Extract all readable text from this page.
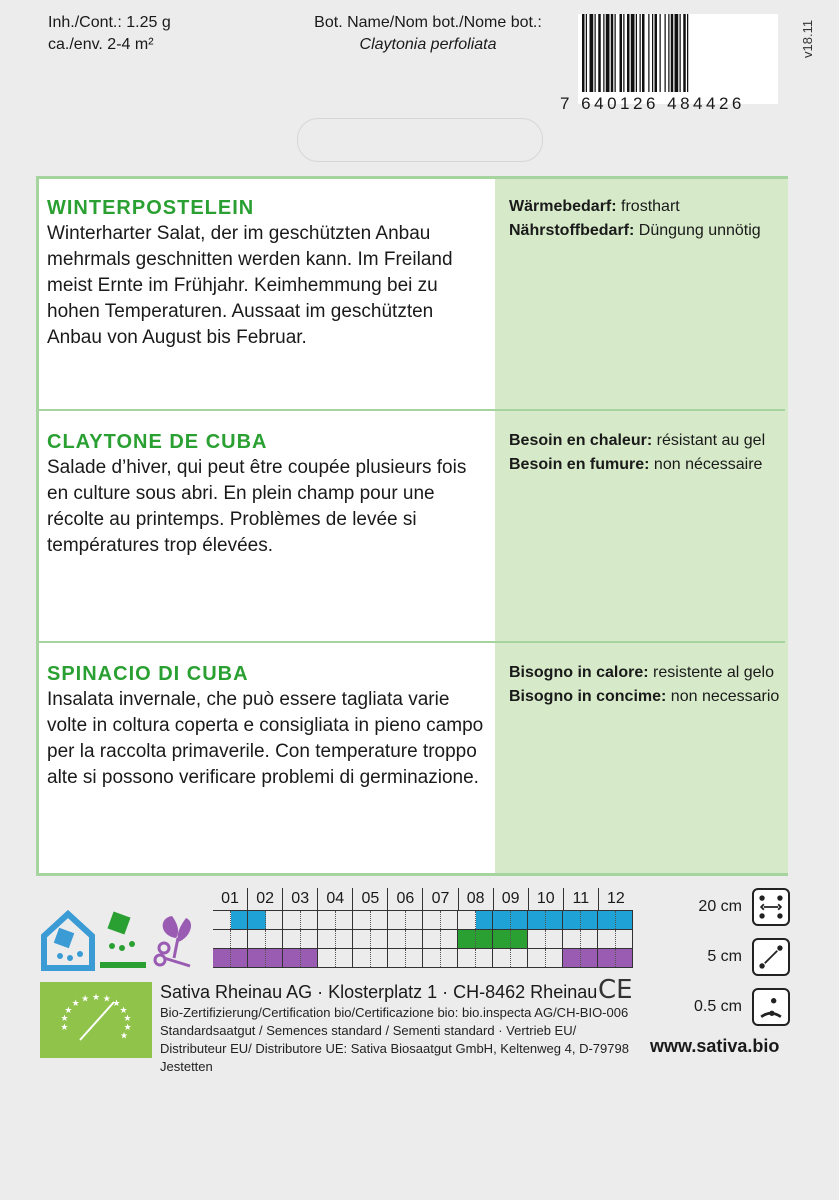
Inh./Cont.: 1.25 g
ca./env. 2-4 m²
Bot. Name/Nom bot./Nome bot.:
Claytonia perfoliata
7 640126 484426
v18.11
WINTERPOSTELEIN
Winterharter Salat, der im geschützten Anbau mehrmals geschnitten werden kann. Im Freiland meist Ernte im Frühjahr. Keimhemmung bei zu hohen Temperaturen. Aussaat im geschützten Anbau von August bis Februar.
Wärmebedarf: frosthart
Nährstoffbedarf: Düngung unnötig
CLAYTONE DE CUBA
Salade d’hiver, qui peut être coupée plusieurs fois en culture sous abri. En plein champ pour une récolte au printemps. Problèmes de levée si températures trop élevées.
Besoin en chaleur: résistant au gel
Besoin en fumure: non nécessaire
SPINACIO DI CUBA
Insalata invernale, che può essere tagliata varie volte in coltura coperta e consigliata in pieno campo per la raccolta primaverile. Con temperature troppo alte si possono verificare problemi di germinazione.
Bisogno in calore: resistente al gelo
Bisogno in concime: non necessario
01	02	03	04	05	06	07	08	09	10	11	12	20 cm
5 cm
0.5 cm
★
★
★
★ ★ ★ ★ ★
★
★
★
★
Sativa Rheinau AG · Klosterplatz 1 · CH-8462 Rheinau
Bio-Zertifizierung/Certification bio/Certificazione bio: bio.inspecta AG/CH-BIO-006
Standardsaatgut / Semences standard / Sementi standard · Vertrieb EU/ Distributeur EU/ Distributore UE: Sativa Biosaatgut GmbH, Keltenweg 4, D-79798 Jestetten
CE
www.sativa.bio
